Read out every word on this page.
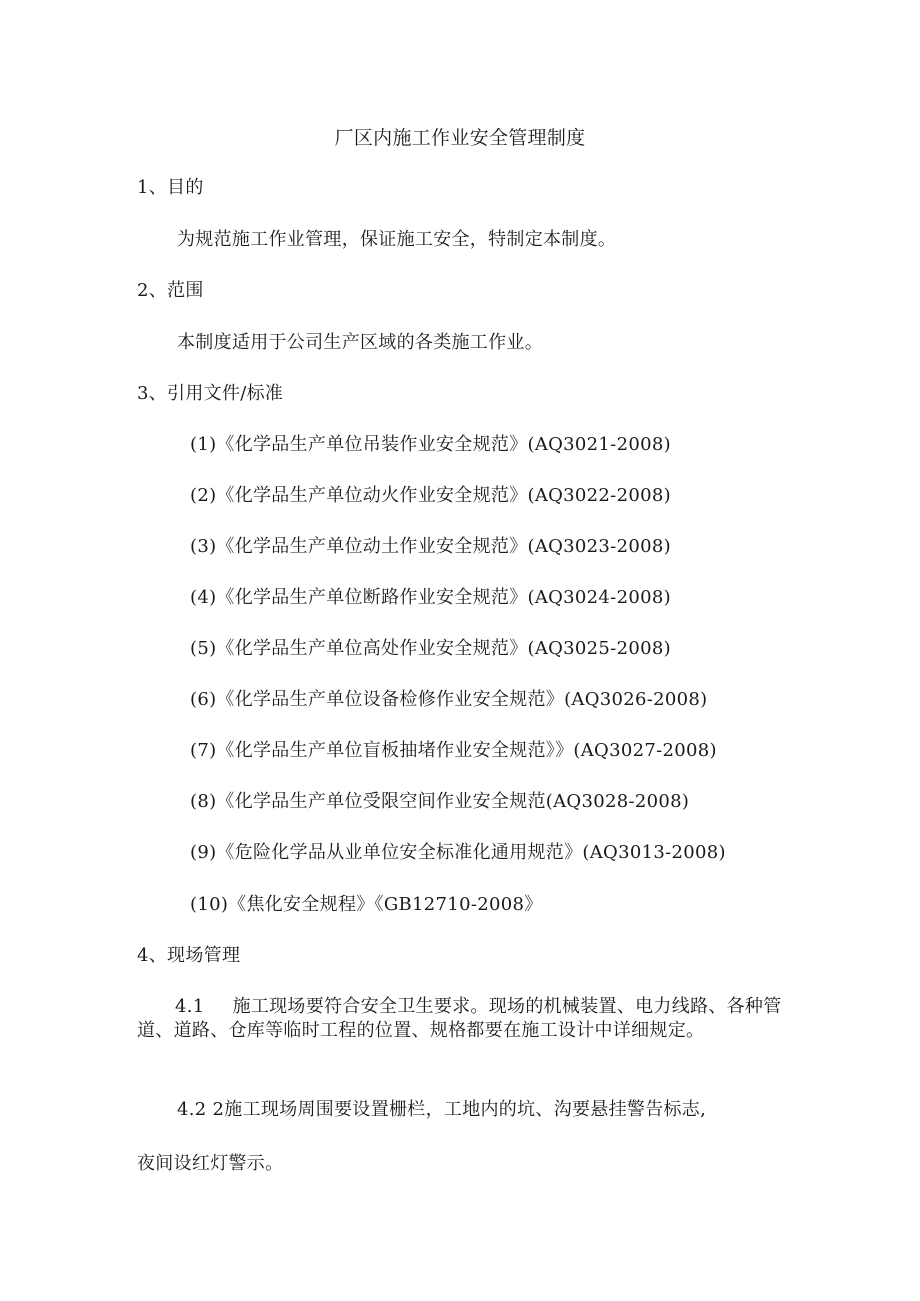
厂区内施工作业安全管理制度
1、目的
为规范施工作业管理，保证施工安全，特制定本制度。
2、范围
本制度适用于公司生产区域的各类施工作业。
3、引用文件/标准
(1)《化学品生产单位吊装作业安全规范》(AQ3021-2008)
(2)《化学品生产单位动火作业安全规范》(AQ3022-2008)
(3)《化学品生产单位动土作业安全规范》(AQ3023-2008)
(4)《化学品生产单位断路作业安全规范》(AQ3024-2008)
(5)《化学品生产单位高处作业安全规范》(AQ3025-2008)
(6)《化学品生产单位设备检修作业安全规范》(AQ3026-2008)
(7)《化学品生产单位盲板抽堵作业安全规范》》(AQ3027-2008)
(8)《化学品生产单位受限空间作业安全规范(AQ3028-2008)
(9)《危险化学品从业单位安全标准化通用规范》(AQ3013-2008)
(10)《焦化安全规程》《GB12710-2008》
4、现场管理
4.1 施工现场要符合安全卫生要求。现场的机械装置、电力线路、各种管道、道路、仓库等临时工程的位置、规格都要在施工设计中详细规定。
4.2 2施工现场周围要设置栅栏，工地内的坑、沟要悬挂警告标志,
夜间设红灯警示。
